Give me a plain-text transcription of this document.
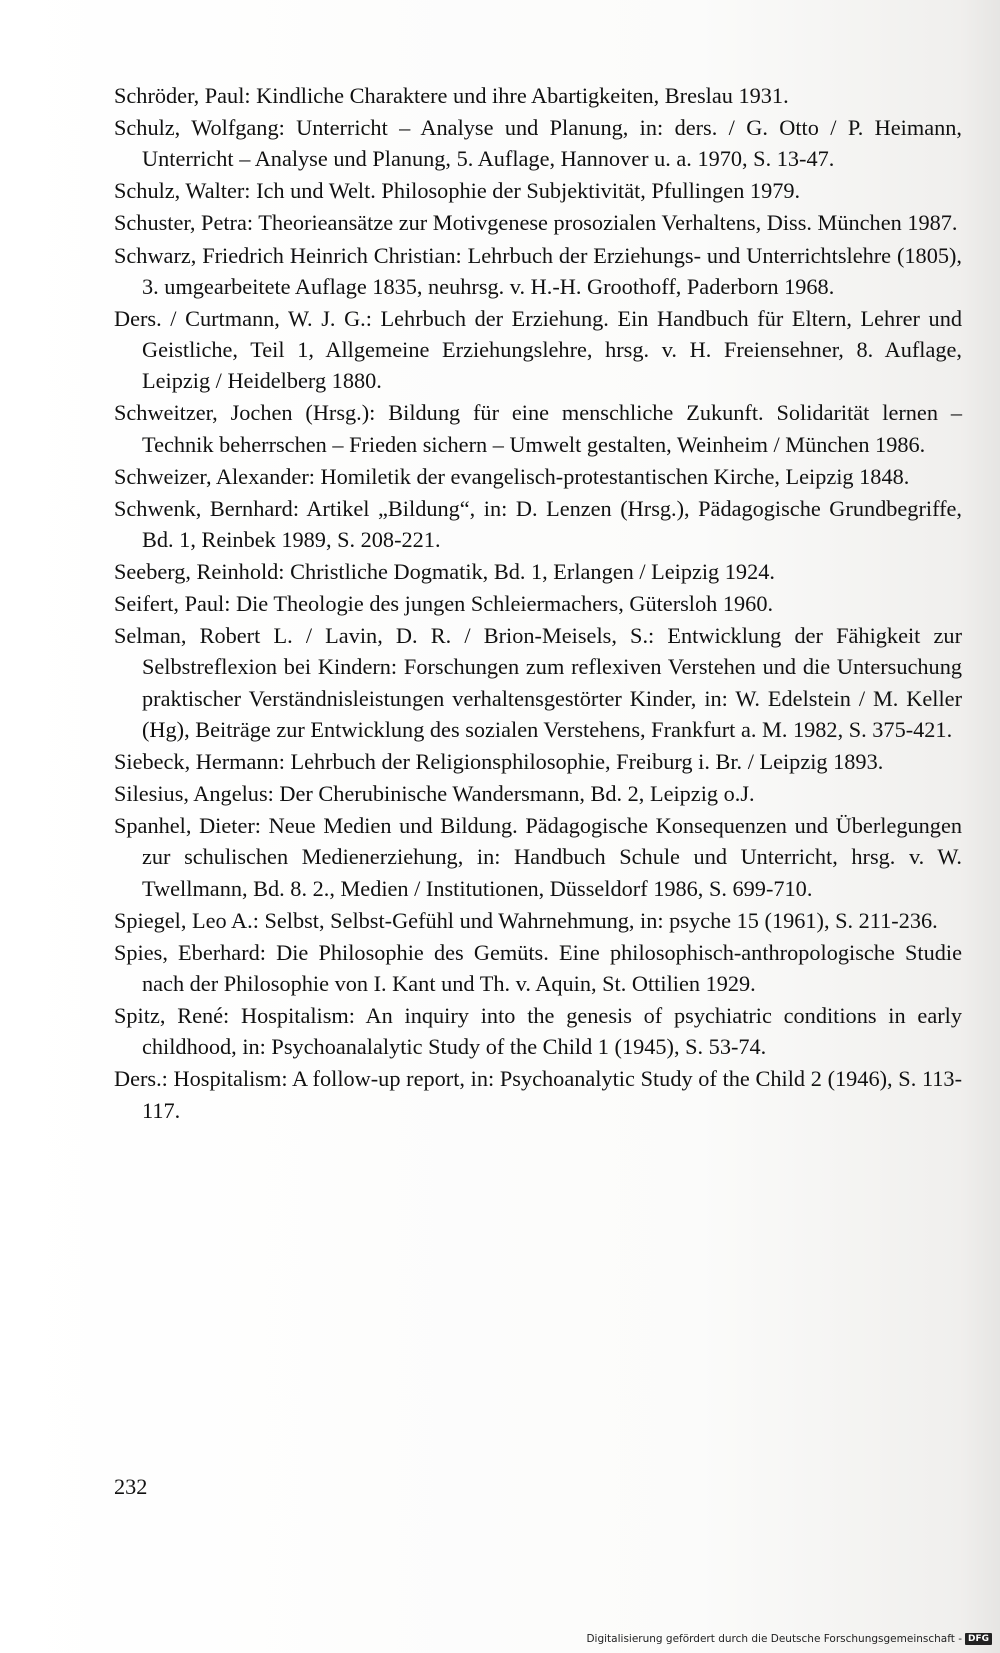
Schröder, Paul: Kindliche Charaktere und ihre Abartigkeiten, Breslau 1931.

Schulz, Wolfgang: Unterricht – Analyse und Planung, in: ders. / G. Otto / P. Heimann, Unterricht – Analyse und Planung, 5. Auflage, Hannover u. a. 1970, S. 13-47.

Schulz, Walter: Ich und Welt. Philosophie der Subjektivität, Pfullingen 1979.

Schuster, Petra: Theorieansätze zur Motivgenese prosozialen Verhaltens, Diss. München 1987.

Schwarz, Friedrich Heinrich Christian: Lehrbuch der Erziehungs- und Unterrichtslehre (1805), 3. umgearbeitete Auflage 1835, neuhrsg. v. H.-H. Groothoff, Paderborn 1968.

Ders. / Curtmann, W. J. G.: Lehrbuch der Erziehung. Ein Handbuch für Eltern, Lehrer und Geistliche, Teil 1, Allgemeine Erziehungslehre, hrsg. v. H. Freiensehner, 8. Auflage, Leipzig / Heidelberg 1880.

Schweitzer, Jochen (Hrsg.): Bildung für eine menschliche Zukunft. Solidarität lernen – Technik beherrschen – Frieden sichern – Umwelt gestalten, Weinheim / München 1986.

Schweizer, Alexander: Homiletik der evangelisch-protestantischen Kirche, Leipzig 1848.

Schwenk, Bernhard: Artikel „Bildung“, in: D. Lenzen (Hrsg.), Pädagogische Grundbegriffe, Bd. 1, Reinbek 1989, S. 208-221.

Seeberg, Reinhold: Christliche Dogmatik, Bd. 1, Erlangen / Leipzig 1924.

Seifert, Paul: Die Theologie des jungen Schleiermachers, Gütersloh 1960.

Selman, Robert L. / Lavin, D. R. / Brion-Meisels, S.: Entwicklung der Fähigkeit zur Selbstreflexion bei Kindern: Forschungen zum reflexiven Verstehen und die Untersuchung praktischer Verständnisleistungen verhaltensgestörter Kinder, in: W. Edelstein / M. Keller (Hg), Beiträge zur Entwicklung des sozialen Verstehens, Frankfurt a. M. 1982, S. 375-421.

Siebeck, Hermann: Lehrbuch der Religionsphilosophie, Freiburg i. Br. / Leipzig 1893.

Silesius, Angelus: Der Cherubinische Wandersmann, Bd. 2, Leipzig o.J.

Spanhel, Dieter: Neue Medien und Bildung. Pädagogische Konsequenzen und Überlegungen zur schulischen Medienerziehung, in: Handbuch Schule und Unterricht, hrsg. v. W. Twellmann, Bd. 8. 2., Medien / Institutionen, Düsseldorf 1986, S. 699-710.

Spiegel, Leo A.: Selbst, Selbst-Gefühl und Wahrnehmung, in: psyche 15 (1961), S. 211-236.

Spies, Eberhard: Die Philosophie des Gemüts. Eine philosophisch-anthropologische Studie nach der Philosophie von I. Kant und Th. v. Aquin, St. Ottilien 1929.

Spitz, René: Hospitalism: An inquiry into the genesis of psychiatric conditions in early childhood, in: Psychoanalalytic Study of the Child 1 (1945), S. 53-74.

Ders.: Hospitalism: A follow-up report, in: Psychoanalytic Study of the Child 2 (1946), S. 113-117.

232
Digitalisierung gefördert durch die Deutsche Forschungsgemeinschaft - DFG
